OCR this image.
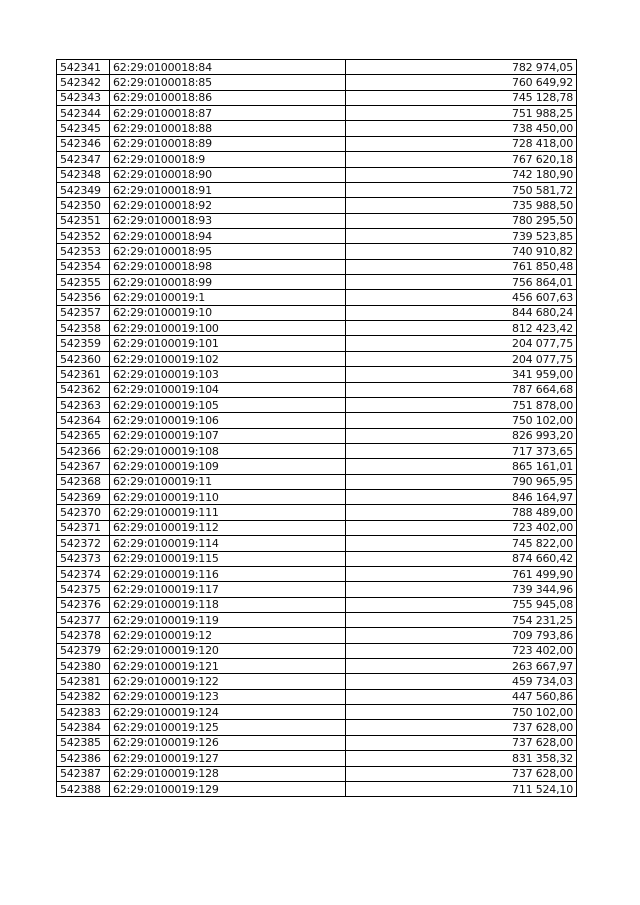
542341	62:29:0100018:84	782 974,05
542342	62:29:0100018:85	760 649,92
542343	62:29:0100018:86	745 128,78
542344	62:29:0100018:87	751 988,25
542345	62:29:0100018:88	738 450,00
542346	62:29:0100018:89	728 418,00
542347	62:29:0100018:9	767 620,18
542348	62:29:0100018:90	742 180,90
542349	62:29:0100018:91	750 581,72
542350	62:29:0100018:92	735 988,50
542351	62:29:0100018:93	780 295,50
542352	62:29:0100018:94	739 523,85
542353	62:29:0100018:95	740 910,82
542354	62:29:0100018:98	761 850,48
542355	62:29:0100018:99	756 864,01
542356	62:29:0100019:1	456 607,63
542357	62:29:0100019:10	844 680,24
542358	62:29:0100019:100	812 423,42
542359	62:29:0100019:101	204 077,75
542360	62:29:0100019:102	204 077,75
542361	62:29:0100019:103	341 959,00
542362	62:29:0100019:104	787 664,68
542363	62:29:0100019:105	751 878,00
542364	62:29:0100019:106	750 102,00
542365	62:29:0100019:107	826 993,20
542366	62:29:0100019:108	717 373,65
542367	62:29:0100019:109	865 161,01
542368	62:29:0100019:11	790 965,95
542369	62:29:0100019:110	846 164,97
542370	62:29:0100019:111	788 489,00
542371	62:29:0100019:112	723 402,00
542372	62:29:0100019:114	745 822,00
542373	62:29:0100019:115	874 660,42
542374	62:29:0100019:116	761 499,90
542375	62:29:0100019:117	739 344,96
542376	62:29:0100019:118	755 945,08
542377	62:29:0100019:119	754 231,25
542378	62:29:0100019:12	709 793,86
542379	62:29:0100019:120	723 402,00
542380	62:29:0100019:121	263 667,97
542381	62:29:0100019:122	459 734,03
542382	62:29:0100019:123	447 560,86
542383	62:29:0100019:124	750 102,00
542384	62:29:0100019:125	737 628,00
542385	62:29:0100019:126	737 628,00
542386	62:29:0100019:127	831 358,32
542387	62:29:0100019:128	737 628,00
542388	62:29:0100019:129	711 524,10
